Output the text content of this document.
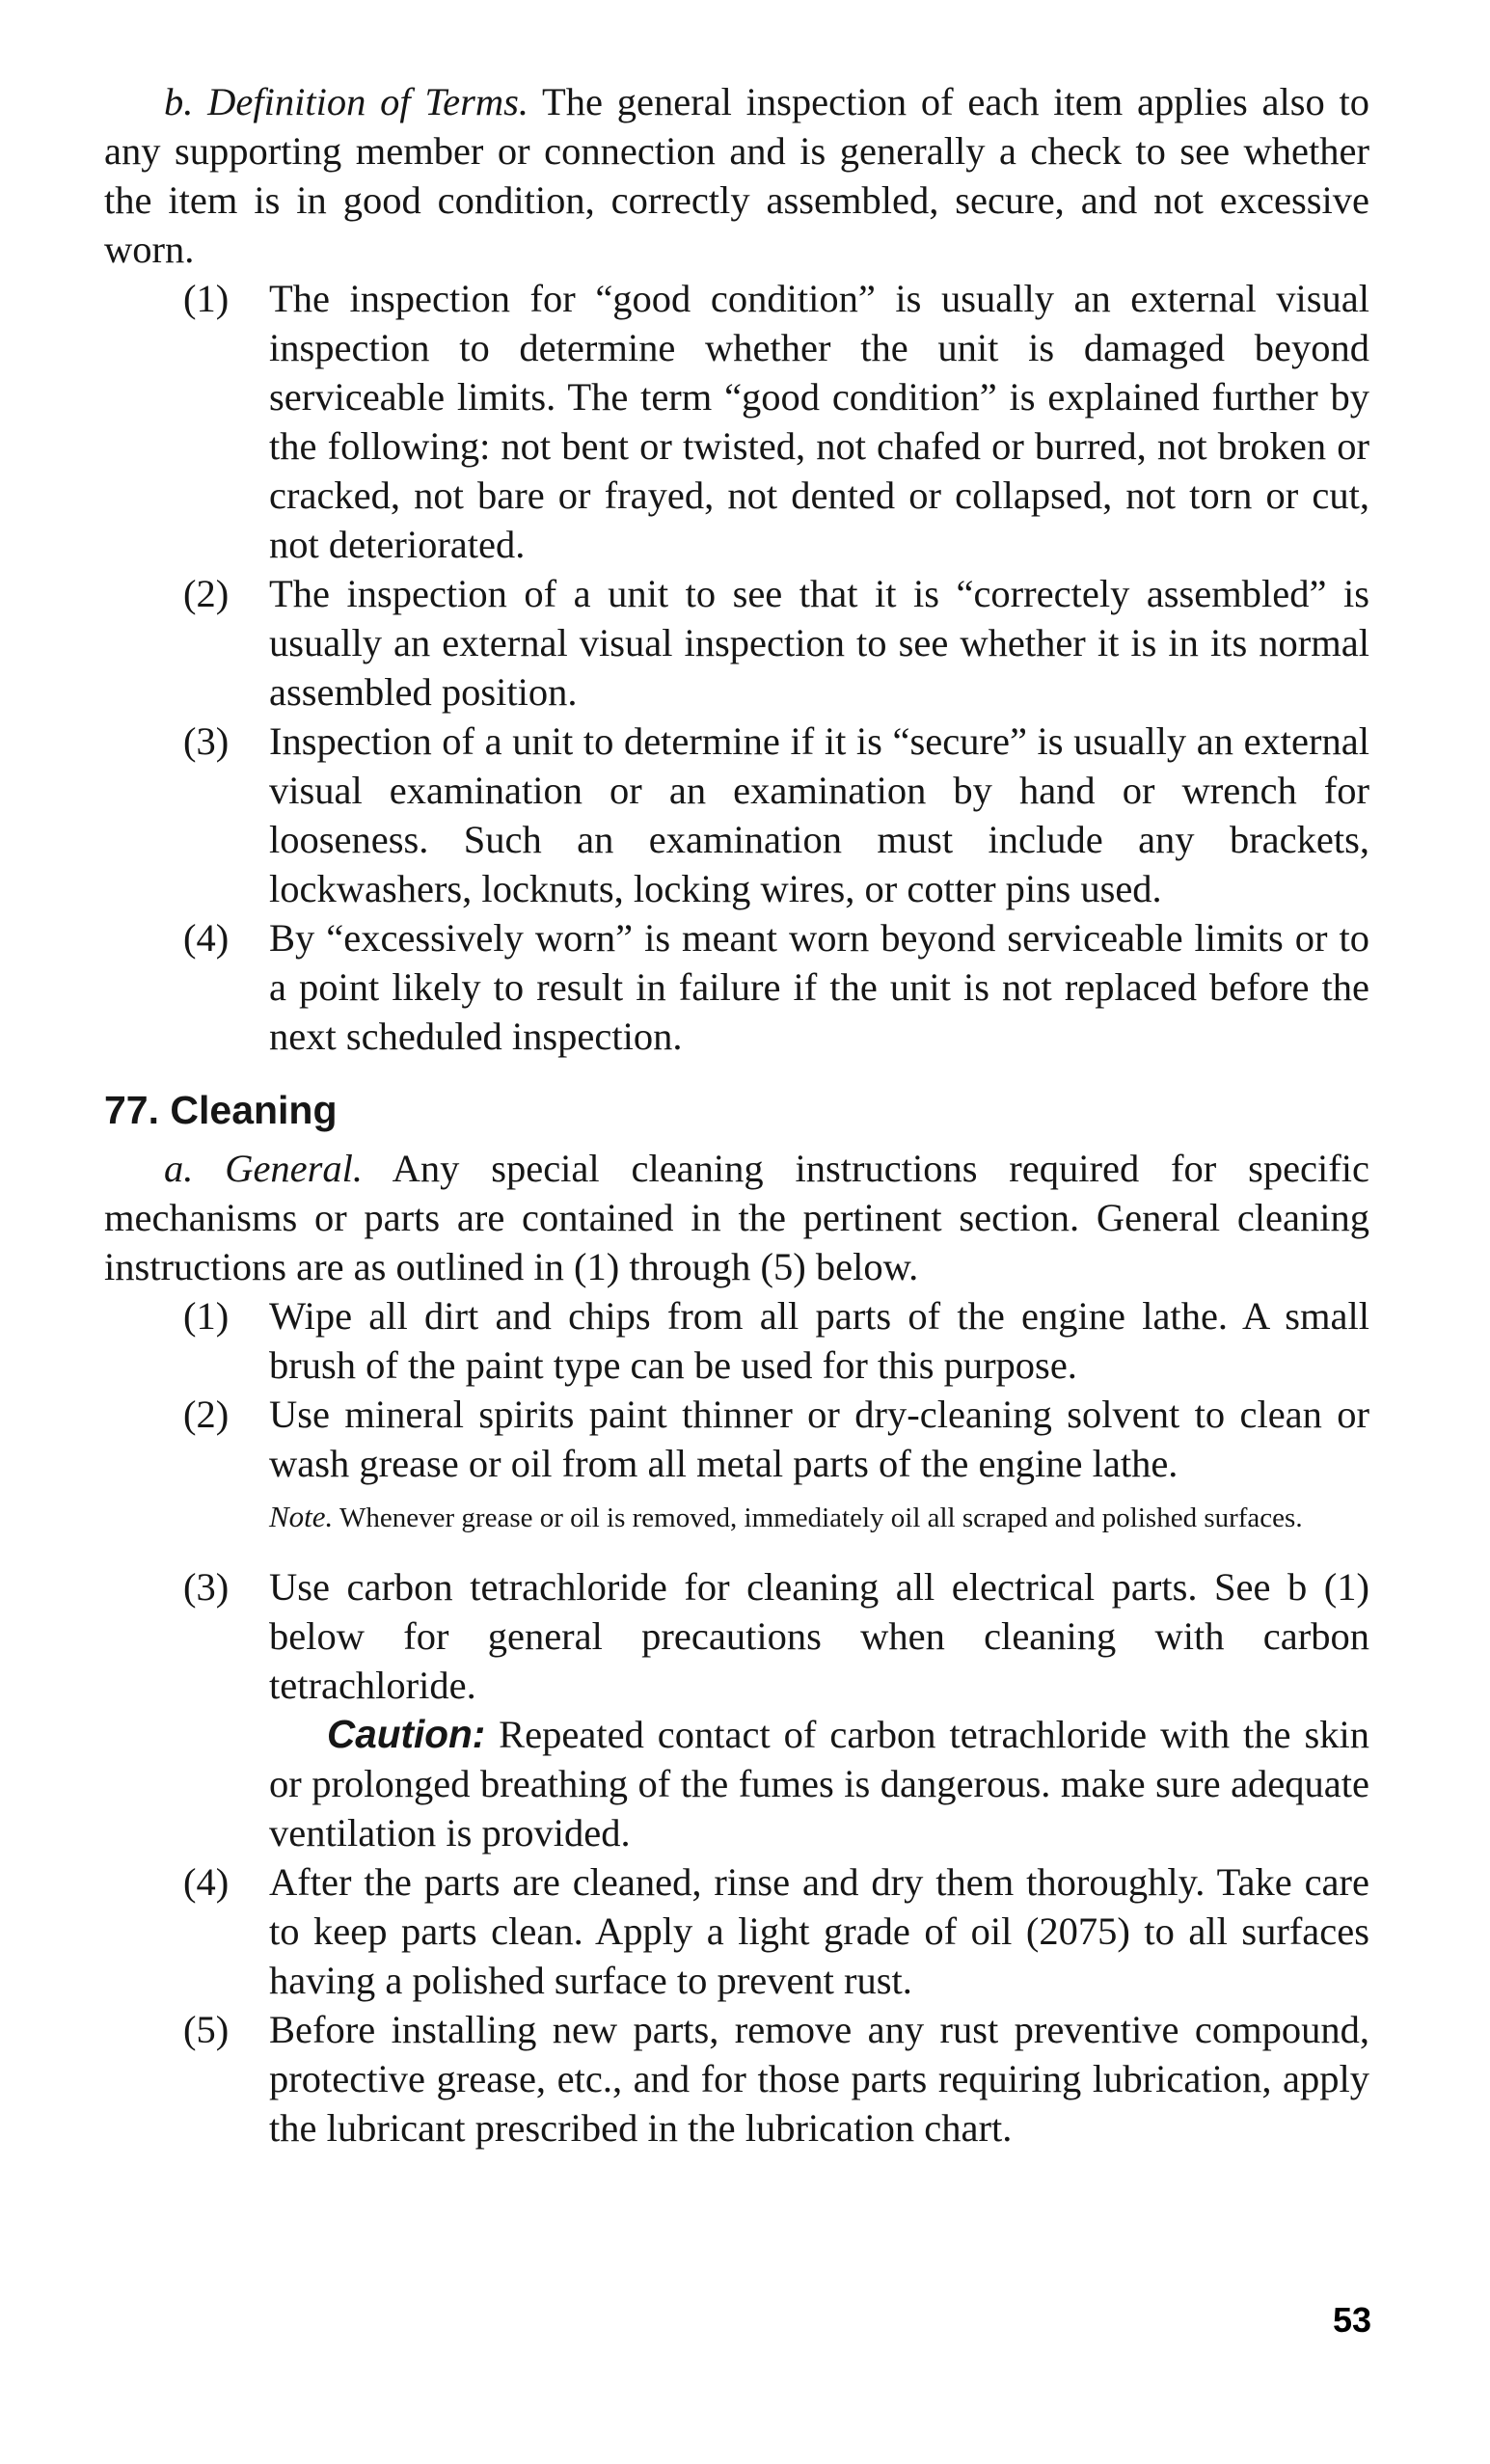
b. Definition of Terms. The general inspection of each item applies also to any supporting member or connection and is generally a check to see whether the item is in good condition, correctly assembled, secure, and not excessive worn.

(1)	The inspection for “good condition” is usually an external visual inspection to determine whether the unit is damaged beyond serviceable limits. The term “good condition” is explained further by the following: not bent or twisted, not chafed or burred, not broken or cracked, not bare or frayed, not dented or collapsed, not torn or cut, not deteriorated.
(2)	The inspection of a unit to see that it is “correctely assembled” is usually an external visual inspection to see whether it is in its normal assembled position.
(3)	Inspection of a unit to determine if it is “secure” is usually an external visual examination or an examination by hand or wrench for looseness. Such an examination must include any brackets, lockwashers, locknuts, locking wires, or cotter pins used.
(4)	By “excessively worn” is meant worn beyond serviceable limits or to a point likely to result in failure if the unit is not replaced before the next scheduled inspection.
77. Cleaning

a. General. Any special cleaning instructions required for specific mechanisms or parts are contained in the pertinent section. General cleaning instructions are as outlined in (1) through (5) below.

(1)	Wipe all dirt and chips from all parts of the engine lathe. A small brush of the paint type can be used for this purpose.
(2)	Use mineral spirits paint thinner or dry-cleaning solvent to clean or wash grease or oil from all metal parts of the engine lathe.

Note. Whenever grease or oil is removed, immediately oil all scraped and polished surfaces.

(3)	Use carbon tetrachloride for cleaning all electrical parts. See b (1) below for general precautions when cleaning with carbon tetrachloride.

Caution: Repeated contact of carbon tetrachloride with the skin or prolonged breathing of the fumes is dangerous. make sure adequate ventilation is provided.

(4)	After the parts are cleaned, rinse and dry them thoroughly. Take care to keep parts clean. Apply a light grade of oil (2075) to all surfaces having a polished surface to prevent rust.
(5)	Before installing new parts, remove any rust preventive compound, protective grease, etc., and for those parts requiring lubrication, apply the lubricant prescribed in the lubrication chart.
53
